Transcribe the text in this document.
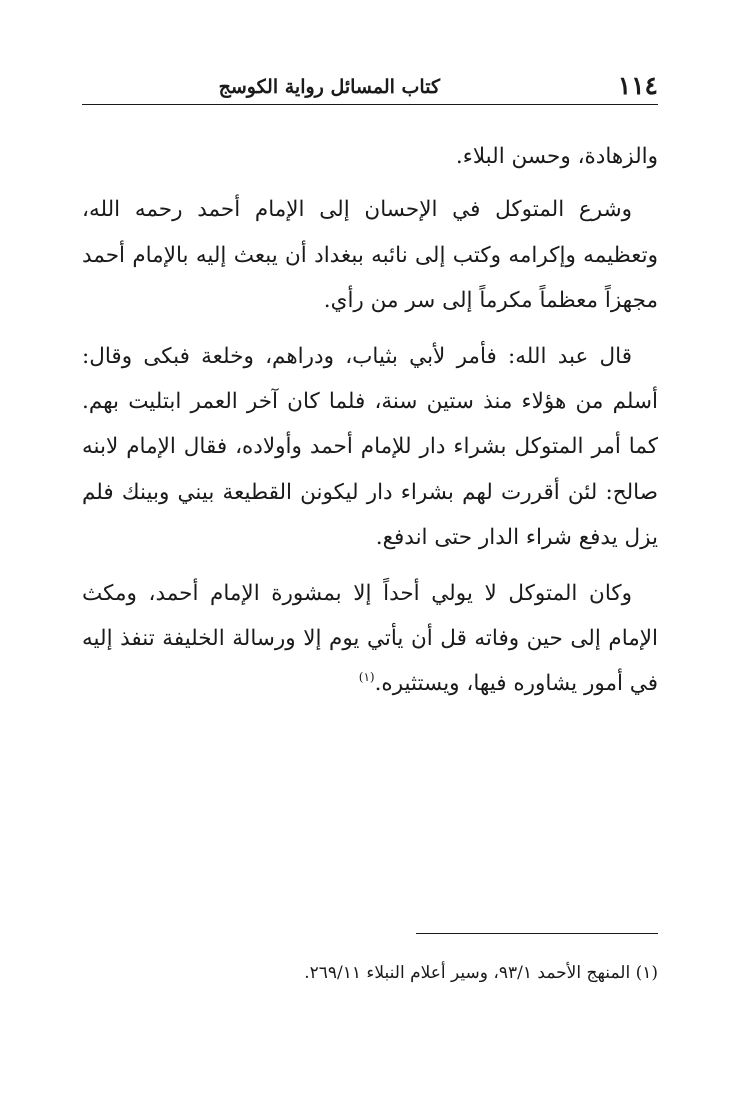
١١٤
كتاب المسائل رواية الكوسج

والزهادة، وحسن البلاء.

وشرع المتوكل في الإحسان إلى الإمام أحمد رحمه الله، وتعظيمه وإكرامه وكتب إلى نائبه ببغداد أن يبعث إليه بالإمام أحمد مجهزاً معظماً مكرماً إلى سر من رأي.

قال عبد الله: فأمر لأبي بثياب، ودراهم، وخلعة فبكى وقال: أسلم من هؤلاء منذ ستين سنة، فلما كان آخر العمر ابتليت بهم. كما أمر المتوكل بشراء دار للإمام أحمد وأولاده، فقال الإمام لابنه صالح: لئن أقررت لهم بشراء دار ليكونن القطيعة بيني وبينك فلم يزل يدفع شراء الدار حتى اندفع.

وكان المتوكل لا يولي أحداً إلا بمشورة الإمام أحمد، ومكث الإمام إلى حين وفاته قل أن يأتي يوم إلا ورسالة الخليفة تنفذ إليه في أمور يشاوره فيها، ويستثيره.$^{(١)}$

(١) المنهج الأحمد ٩٣/١، وسير أعلام النبلاء ٢٦٩/١١.
